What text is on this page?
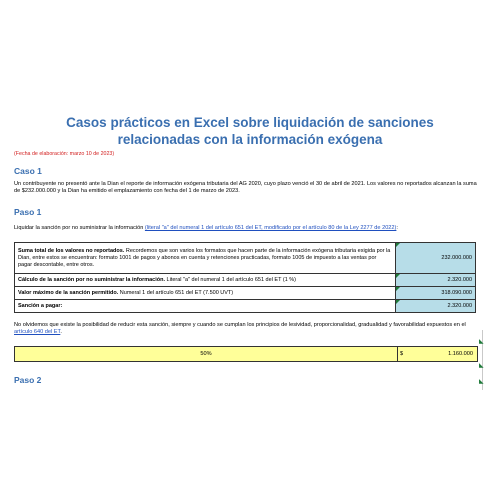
Casos prácticos en Excel sobre liquidación de sanciones relacionadas con la información exógena
(Fecha de elaboración: marzo 10 de 2023)
Caso 1
Un contribuyente no presentó ante la Dian el reporte de información exógena tributaria del AG 2020, cuyo plazo venció el 30 de abril de 2021. Los valores no reportados alcanzan la suma de $232.000.000 y la Dian ha emitido el emplazamiento con fecha del 1 de marzo de 2023.
Paso 1
Liquidar la sanción por no suministrar la información (literal "a" del numeral 1 del artículo 651 del ET, modificado por el artículo 80 de la Ley 2277 de 2022):
Suma total de los valores no reportados. Recordemos que son varios los formatos que hacen parte de la información exógena tributaria exigida por la Dian, entre estos se encuentran: formato 1001 de pagos y abonos en cuenta y retenciones practicadas, formato 1005 de impuesto a las ventas por pagar descontable, entre otros.	232.000.000
Cálculo de la sanción por no suministrar la información. Literal "a" del numeral 1 del artículo 651 del ET (1 %)	2.320.000
Valor máximo de la sanción permitido. Numeral 1 del artículo 651 del ET (7.500 UVT)	318.090.000
Sanción a pagar:	2.320.000
No olvidemos que existe la posibilidad de reducir esta sanción, siempre y cuando se cumplan los principios de lesividad, proporcionalidad, gradualidad y favorabilidad expuestos en el artículo 640 del ET.
50%	$	1.160.000
Paso 2
◣
◣
◣
